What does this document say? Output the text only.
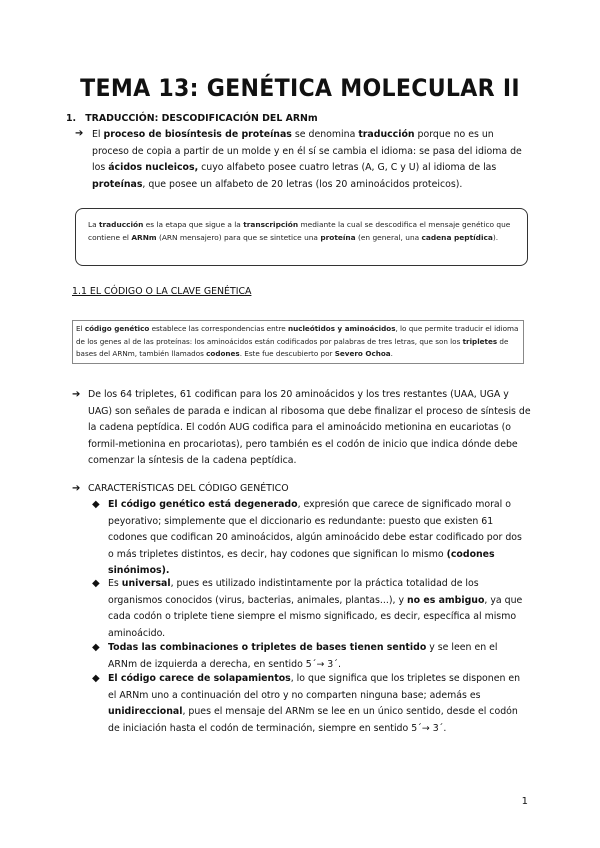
TEMA 13: GENÉTICA MOLECULAR II
1. TRADUCCIÓN: DESCODIFICACIÓN DEL ARNm
➔ El proceso de biosíntesis de proteínas se denomina traducción porque no es un proceso de copia a partir de un molde y en él sí se cambia el idioma: se pasa del idioma de los ácidos nucleicos, cuyo alfabeto posee cuatro letras (A, G, C y U) al idioma de las proteínas, que posee un alfabeto de 20 letras (los 20 aminoácidos proteicos).
La traducción es la etapa que sigue a la transcripción mediante la cual se descodifica el mensaje genético que contiene el ARNm (ARN mensajero) para que se sintetice una proteína (en general, una cadena peptídica).
1.1 EL CÓDIGO O LA CLAVE GENÉTICA
El código genético establece las correspondencias entre nucleótidos y aminoácidos, lo que permite traducir el idioma de los genes al de las proteínas: los aminoácidos están codificados por palabras de tres letras, que son los tripletes de bases del ARNm, también llamados codones. Este fue descubierto por Severo Ochoa.
➔ De los 64 tripletes, 61 codifican para los 20 aminoácidos y los tres restantes (UAA, UGA y UAG) son señales de parada e indican al ribosoma que debe finalizar el proceso de síntesis de la cadena peptídica. El codón AUG codifica para el aminoácido metionina en eucariotas (o formil-metionina en procariotas), pero también es el codón de inicio que indica dónde debe comenzar la síntesis de la cadena peptídica.
➔ CARACTERÍSTICAS DEL CÓDIGO GENÉTICO
◆ El código genético está degenerado, expresión que carece de significado moral o peyorativo; simplemente que el diccionario es redundante: puesto que existen 61 codones que codifican 20 aminoácidos, algún aminoácido debe estar codificado por dos o más tripletes distintos, es decir, hay codones que significan lo mismo (codones sinónimos).
◆ Es universal, pues es utilizado indistintamente por la práctica totalidad de los organismos conocidos (virus, bacterias, animales, plantas...), y no es ambiguo, ya que cada codón o triplete tiene siempre el mismo significado, es decir, específica al mismo aminoácido.
◆ Todas las combinaciones o tripletes de bases tienen sentido y se leen en el ARNm de izquierda a derecha, en sentido 5´→ 3´.
◆ El código carece de solapamientos, lo que significa que los tripletes se disponen en el ARNm uno a continuación del otro y no comparten ninguna base; además es unidireccional, pues el mensaje del ARNm se lee en un único sentido, desde el codón de iniciación hasta el codón de terminación, siempre en sentido 5´→ 3´.
1
